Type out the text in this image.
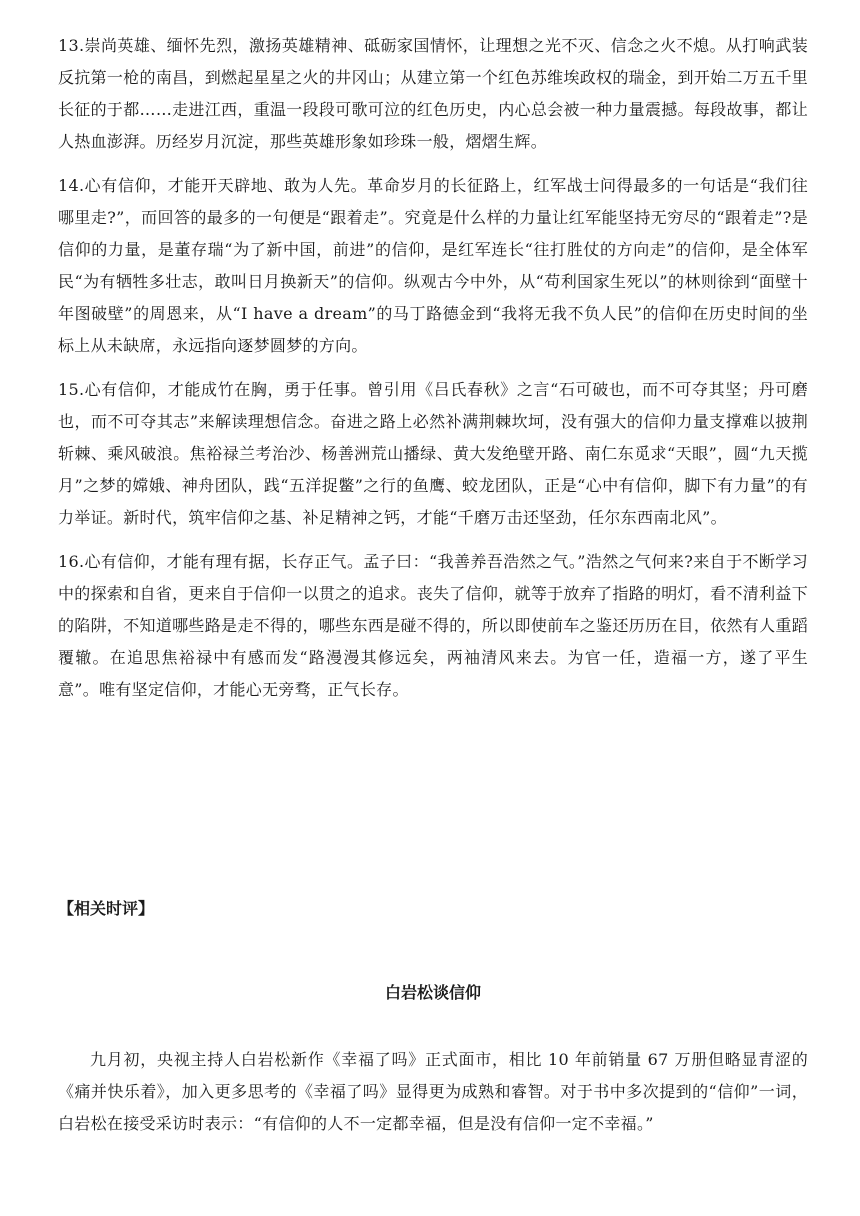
13.崇尚英雄、缅怀先烈，激扬英雄精神、砥砺家国情怀，让理想之光不灭、信念之火不熄。从打响武装反抗第一枪的南昌，到燃起星星之火的井冈山；从建立第一个红色苏维埃政权的瑞金，到开始二万五千里长征的于都……走进江西，重温一段段可歌可泣的红色历史，内心总会被一种力量震撼。每段故事，都让人热血澎湃。历经岁月沉淀，那些英雄形象如珍珠一般，熠熠生辉。

14.心有信仰，才能开天辟地、敢为人先。革命岁月的长征路上，红军战士问得最多的一句话是“我们往哪里走?”，而回答的最多的一句便是“跟着走”。究竟是什么样的力量让红军能坚持无穷尽的“跟着走”?是信仰的力量，是董存瑞“为了新中国，前进”的信仰，是红军连长“往打胜仗的方向走”的信仰，是全体军民“为有牺牲多壮志，敢叫日月换新天”的信仰。纵观古今中外，从“苟利国家生死以”的林则徐到“面壁十年图破壁”的周恩来，从“I have a dream”的马丁路德金到“我将无我不负人民”的信仰在历史时间的坐标上从未缺席，永远指向逐梦圆梦的方向。

15.心有信仰，才能成竹在胸，勇于任事。曾引用《吕氏春秋》之言“石可破也，而不可夺其坚；丹可磨也，而不可夺其志”来解读理想信念。奋进之路上必然补满荆棘坎坷，没有强大的信仰力量支撑难以披荆斩棘、乘风破浪。焦裕禄兰考治沙、杨善洲荒山播绿、黄大发绝壁开路、南仁东觅求“天眼”，圆“九天揽月”之梦的嫦娥、神舟团队，践“五洋捉鳖”之行的鱼鹰、蛟龙团队，正是“心中有信仰，脚下有力量”的有力举证。新时代，筑牢信仰之基、补足精神之钙，才能“千磨万击还坚劲，任尔东西南北风”。

16.心有信仰，才能有理有据，长存正气。孟子曰：“我善养吾浩然之气。”浩然之气何来?来自于不断学习中的探索和自省，更来自于信仰一以贯之的追求。丧失了信仰，就等于放弃了指路的明灯，看不清利益下的陷阱，不知道哪些路是走不得的，哪些东西是碰不得的，所以即使前车之鉴还历历在目，依然有人重蹈覆辙。在追思焦裕禄中有感而发“路漫漫其修远矣，两袖清风来去。为官一任，造福一方，遂了平生意”。唯有坚定信仰，才能心无旁骛，正气长存。

【相关时评】
白岩松谈信仰

九月初，央视主持人白岩松新作《幸福了吗》正式面市，相比 10 年前销量 67 万册但略显青涩的《痛并快乐着》，加入更多思考的《幸福了吗》显得更为成熟和睿智。对于书中多次提到的“信仰”一词，白岩松在接受采访时表示：“有信仰的人不一定都幸福，但是没有信仰一定不幸福。”
